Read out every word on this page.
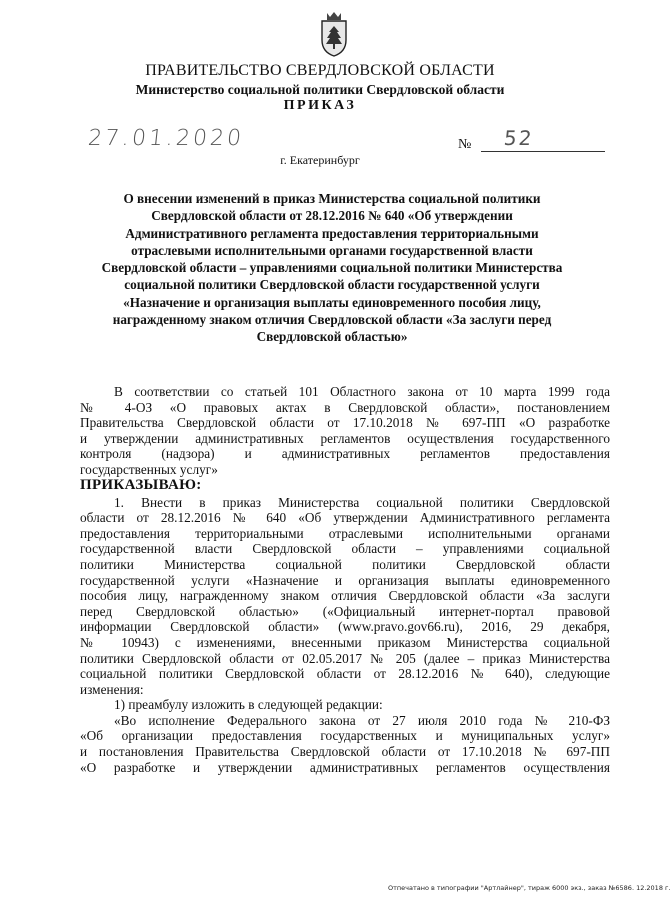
ПРАВИТЕЛЬСТВО СВЕРДЛОВСКОЙ ОБЛАСТИ
Министерство социальной политики Свердловской области
ПРИКАЗ
27.01.2020	№ 52
г. Екатеринбург
О внесении изменений в приказ Министерства социальной политики
Свердловской области от 28.12.2016 № 640 «Об утверждении
Административного регламента предоставления территориальными
отраслевыми исполнительными органами государственной власти
Свердловской области – управлениями социальной политики Министерства
социальной политики Свердловской области государственной услуги
«Назначение и организация выплаты единовременного пособия лицу,
награжденному знаком отличия Свердловской области «За заслуги перед
Свердловской областью»
В соответствии со статьей 101 Областного закона от 10 марта 1999 года
№ 4-ОЗ «О правовых актах в Свердловской области», постановлением
Правительства Свердловской области от 17.10.2018 № 697-ПП «О разработке
и утверждении административных регламентов осуществления государственного
контроля (надзора) и административных регламентов предоставления
государственных услуг»
ПРИКАЗЫВАЮ:
1. Внести в приказ Министерства социальной политики Свердловской
области от 28.12.2016 № 640 «Об утверждении Административного регламента
предоставления территориальными отраслевыми исполнительными органами
государственной власти Свердловской области – управлениями социальной
политики Министерства социальной политики Свердловской области
государственной услуги «Назначение и организация выплаты единовременного
пособия лицу, награжденному знаком отличия Свердловской области «За заслуги
перед Свердловской областью» («Официальный интернет-портал правовой
информации Свердловской области» (www.pravo.gov66.ru), 2016, 29 декабря,
№ 10943) с изменениями, внесенными приказом Министерства социальной
политики Свердловской области от 02.05.2017 № 205 (далее – приказ Министерства
социальной политики Свердловской области от 28.12.2016 № 640), следующие
изменения:
1) преамбулу изложить в следующей редакции:
«Во исполнение Федерального закона от 27 июля 2010 года № 210-ФЗ
«Об организации предоставления государственных и муниципальных услуг»
и постановления Правительства Свердловской области от 17.10.2018 № 697-ПП
«О разработке и утверждении административных регламентов осуществления
Отпечатано в типографии "Артлайнер", тираж 6000 экз., заказ №6586. 12.2018 г.
